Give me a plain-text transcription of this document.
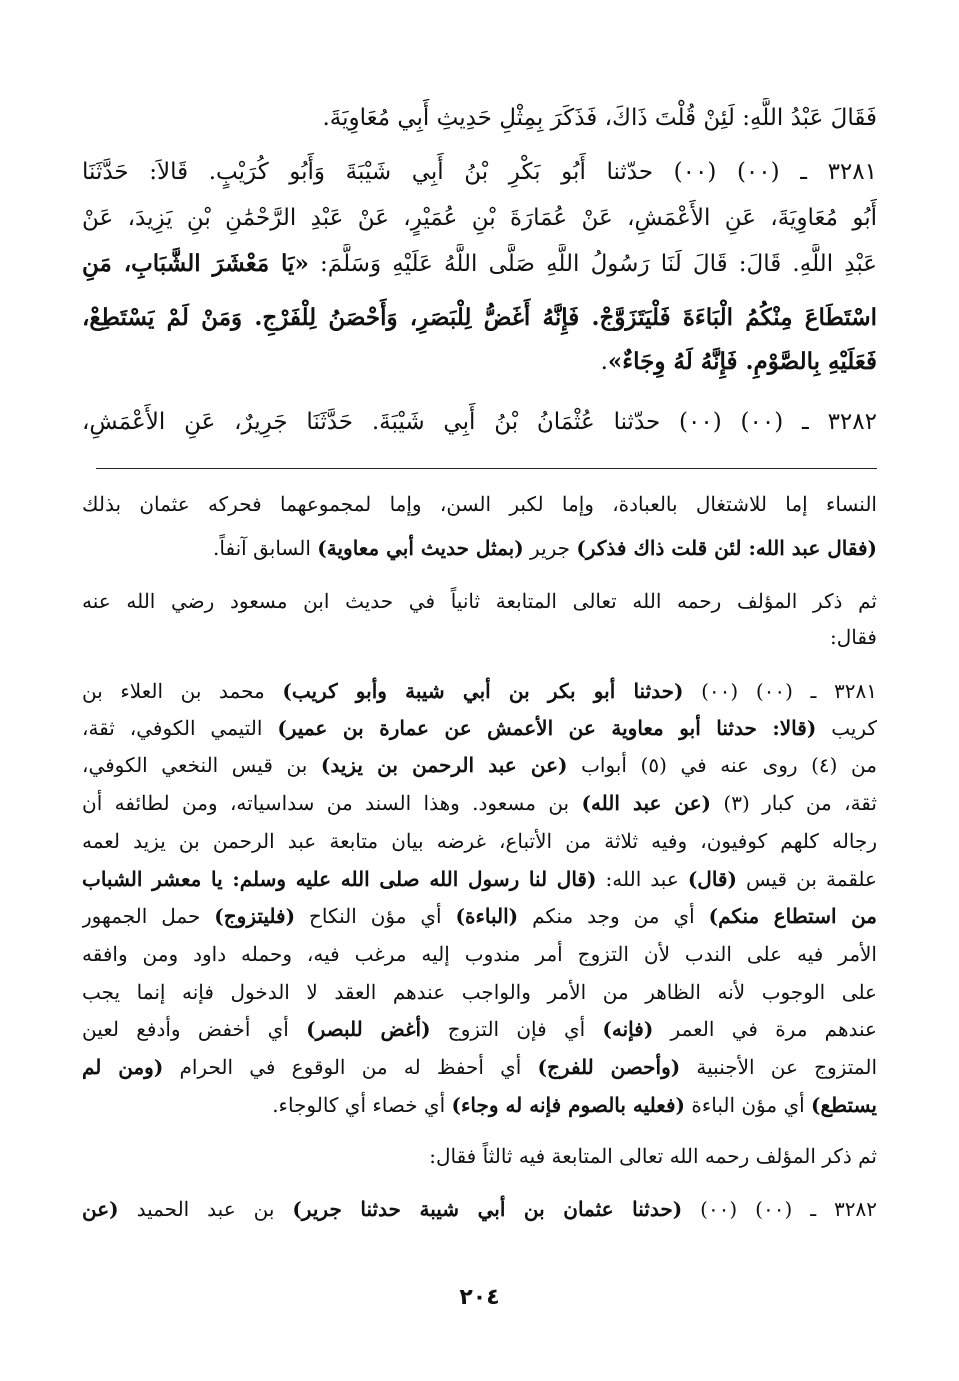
فَقَالَ عَبْدُ اللَّهِ: لَئِنْ قُلْتَ ذَاكَ، فَذَكَرَ بِمِثْلِ حَدِيثِ أَبِي مُعَاوِيَةَ.

٣٢٨١ ـ (٠٠) (٠٠) حدّثنا أَبُو بَكْرِ بْنُ أَبِي شَيْبَةَ وَأَبُو كُرَيْبٍ. قَالاَ: حَدَّثَنَا

أَبُو مُعَاوِيَةَ، عَنِ الأَعْمَشِ، عَنْ عُمَارَةَ بْنِ عُمَيْرٍ، عَنْ عَبْدِ الرَّحْمَٰنِ بْنِ يَزِيدَ، عَنْ

عَبْدِ اللَّهِ. قَالَ: قَالَ لَنَا رَسُولُ اللَّهِ صَلَّى اللَّهُ عَلَيْهِ وَسَلَّمَ: «يَا مَعْشَرَ الشَّبَابِ، مَنِ

اسْتَطَاعَ مِنْكُمُ الْبَاءَةَ فَلْيَتَزَوَّجْ. فَإِنَّهُ أَغَضُّ لِلْبَصَرِ، وَأَحْصَنُ لِلْفَرْجِ. وَمَنْ لَمْ يَسْتَطِعْ،

فَعَلَيْهِ بِالصَّوْمِ. فَإِنَّهُ لَهُ وِجَاءٌ».

٣٢٨٢ ـ (٠٠) (٠٠) حدّثنا عُثْمَانُ بْنُ أَبِي شَيْبَةَ. حَدَّثَنَا جَرِيرٌ، عَنِ الأَعْمَشِ،

النساء إما للاشتغال بالعبادة، وإما لكبر السن، وإما لمجموعهما فحركه عثمان بذلك

(فقال عبد الله: لئن قلت ذاك فذكر) جرير (بمثل حديث أبي معاوية) السابق آنفاً.

ثم ذكر المؤلف رحمه الله تعالى المتابعة ثانياً في حديث ابن مسعود رضي الله عنه

فقال:

٣٢٨١ ـ (٠٠) (٠٠) (حدثنا أبو بكر بن أبي شيبة وأبو كريب) محمد بن العلاء بن

كريب (قالا: حدثنا أبو معاوية عن الأعمش عن عمارة بن عمير) التيمي الكوفي، ثقة،

من (٤) روى عنه في (٥) أبواب (عن عبد الرحمن بن يزيد) بن قيس النخعي الكوفي،

ثقة، من كبار (٣) (عن عبد الله) بن مسعود. وهذا السند من سداسياته، ومن لطائفه أن

رجاله كلهم كوفيون، وفيه ثلاثة من الأتباع، غرضه بيان متابعة عبد الرحمن بن يزيد لعمه

علقمة بن قيس (قال) عبد الله: (قال لنا رسول الله صلى الله عليه وسلم: يا معشر الشباب

من استطاع منكم) أي من وجد منكم (الباءة) أي مؤن النكاح (فليتزوج) حمل الجمهور

الأمر فيه على الندب لأن التزوج أمر مندوب إليه مرغب فيه، وحمله داود ومن وافقه

على الوجوب لأنه الظاهر من الأمر والواجب عندهم العقد لا الدخول فإنه إنما يجب

عندهم مرة في العمر (فإنه) أي فإن التزوج (أغض للبصر) أي أخفض وأدفع لعين

المتزوج عن الأجنبية (وأحصن للفرج) أي أحفظ له من الوقوع في الحرام (ومن لم

يستطع) أي مؤن الباءة (فعليه بالصوم فإنه له وجاء) أي خصاء أي كالوجاء.

ثم ذكر المؤلف رحمه الله تعالى المتابعة فيه ثالثاً فقال:

٣٢٨٢ ـ (٠٠) (٠٠) (حدثنا عثمان بن أبي شيبة حدثنا جرير) بن عبد الحميد (عن

٢٠٤
